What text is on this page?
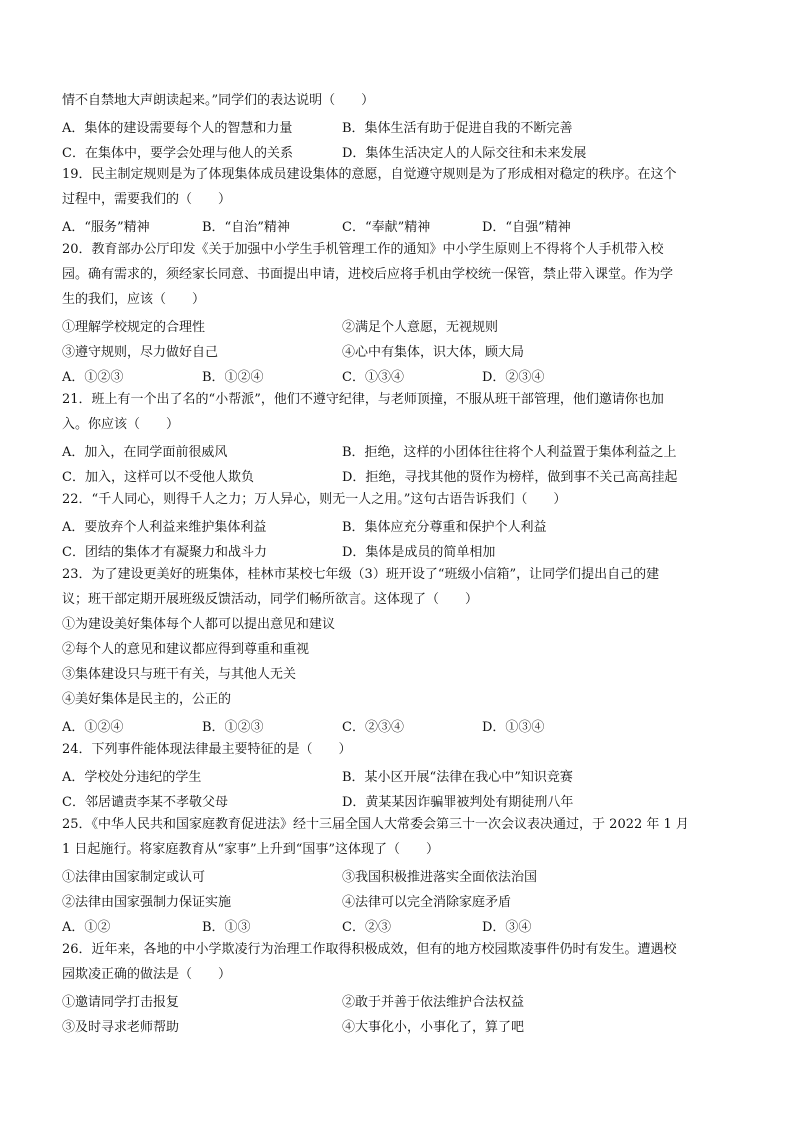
情不自禁地大声朗读起来。”同学们的表达说明（　　）
A．集体的建设需要每个人的智慧和力量	B．集体生活有助于促进自我的不断完善
C．在集体中，要学会处理与他人的关系	D．集体生活决定人的人际交往和未来发展
19．民主制定规则是为了体现集体成员建设集体的意愿，自觉遵守规则是为了形成相对稳定的秩序。在这个
过程中，需要我们的（　　）
A．“服务”精神	B．“自治”精神	C．“奉献”精神	D．“自强”精神
20．教育部办公厅印发《关于加强中小学生手机管理工作的通知》中小学生原则上不得将个人手机带入校
园。确有需求的，须经家长同意、书面提出申请，进校后应将手机由学校统一保管，禁止带入课堂。作为学
生的我们，应该（　　）
①理解学校规定的合理性	②满足个人意愿，无视规则
③遵守规则，尽力做好自己	④心中有集体，识大体，顾大局
A．①②③	B．①②④	C．①③④	D．②③④
21．班上有一个出了名的“小帮派”，他们不遵守纪律，与老师顶撞，不服从班干部管理，他们邀请你也加
入。你应该（　　）
A．加入，在同学面前很威风	B．拒绝，这样的小团体往往将个人利益置于集体利益之上
C．加入，这样可以不受他人欺负	D．拒绝，寻找其他的贤作为榜样，做到事不关己高高挂起
22．“千人同心，则得千人之力；万人异心，则无一人之用。”这句古语告诉我们（　　）
A．要放弃个人利益来维护集体利益	B．集体应充分尊重和保护个人利益
C．团结的集体才有凝聚力和战斗力	D．集体是成员的简单相加
23．为了建设更美好的班集体，桂林市某校七年级（3）班开设了“班级小信箱”，让同学们提出自己的建
议；班干部定期开展班级反馈活动，同学们畅所欲言。这体现了（　　）
①为建设美好集体每个人都可以提出意见和建议
②每个人的意见和建议都应得到尊重和重视
③集体建设只与班干有关，与其他人无关
④美好集体是民主的，公正的
A．①②④	B．①②③	C．②③④	D．①③④
24．下列事件能体现法律最主要特征的是（　　）
A．学校处分违纪的学生	B．某小区开展“法律在我心中”知识竞赛
C．邻居谴责李某不孝敬父母	D．黄某某因诈骗罪被判处有期徒刑八年
25．《中华人民共和国家庭教育促进法》经十三届全国人大常委会第三十一次会议表决通过，于 2022 年 1 月
1 日起施行。将家庭教育从“家事”上升到“国事”这体现了（　　）
①法律由国家制定或认可	③我国积极推进落实全面依法治国
②法律由国家强制力保证实施	④法律可以完全消除家庭矛盾
A．①②	B．①③	C．②③	D．③④
26．近年来，各地的中小学欺凌行为治理工作取得积极成效，但有的地方校园欺凌事件仍时有发生。遭遇校
园欺凌正确的做法是（　　）
①邀请同学打击报复	②敢于并善于依法维护合法权益
③及时寻求老师帮助	④大事化小，小事化了，算了吧
